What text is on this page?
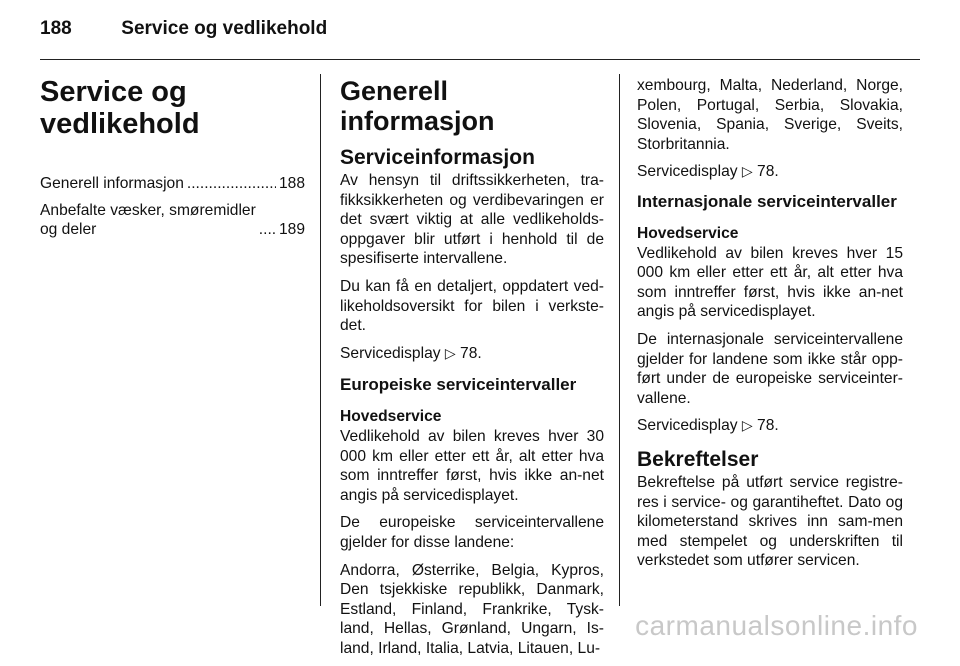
188	Service og vedlikehold
Service og vedlikehold
Generell informasjon .....	188
Anbefalte væsker, smøremidler
og deler .....	189
Generell informasjon
Serviceinformasjon

Av hensyn til driftssikkerheten, tra-fikksikkerheten og verdibevaringen er det svært viktig at alle vedlikeholds-oppgaver blir utført i henhold til de spesifiserte intervallene.

Du kan få en detaljert, oppdatert ved-likeholdsoversikt for bilen i verkste-det.

Servicedisplay ▷ 78.

Europeiske serviceintervaller
Hovedservice

Vedlikehold av bilen kreves hver 30 000 km eller etter ett år, alt etter hva som inntreffer først, hvis ikke an-net angis på servicedisplayet.

De europeiske serviceintervallene gjelder for disse landene:

Andorra, Østerrike, Belgia, Kypros, Den tsjekkiske republikk, Danmark, Estland, Finland, Frankrike, Tysk-land, Hellas, Grønland, Ungarn, Is-land, Irland, Italia, Latvia, Litauen, Lu-

xembourg, Malta, Nederland, Norge, Polen, Portugal, Serbia, Slovakia, Slovenia, Spania, Sverige, Sveits, Storbritannia.

Servicedisplay ▷ 78.

Internasjonale serviceintervaller
Hovedservice

Vedlikehold av bilen kreves hver 15 000 km eller etter ett år, alt etter hva som inntreffer først, hvis ikke an-net angis på servicedisplayet.

De internasjonale serviceintervallene gjelder for landene som ikke står opp-ført under de europeiske serviceinter-vallene.

Servicedisplay ▷ 78.

Bekreftelser

Bekreftelse på utført service registre-res i service- og garantiheftet. Dato og kilometerstand skrives inn sam-men med stempelet og underskriften til verkstedet som utfører servicen.

carmanualsonline.info
